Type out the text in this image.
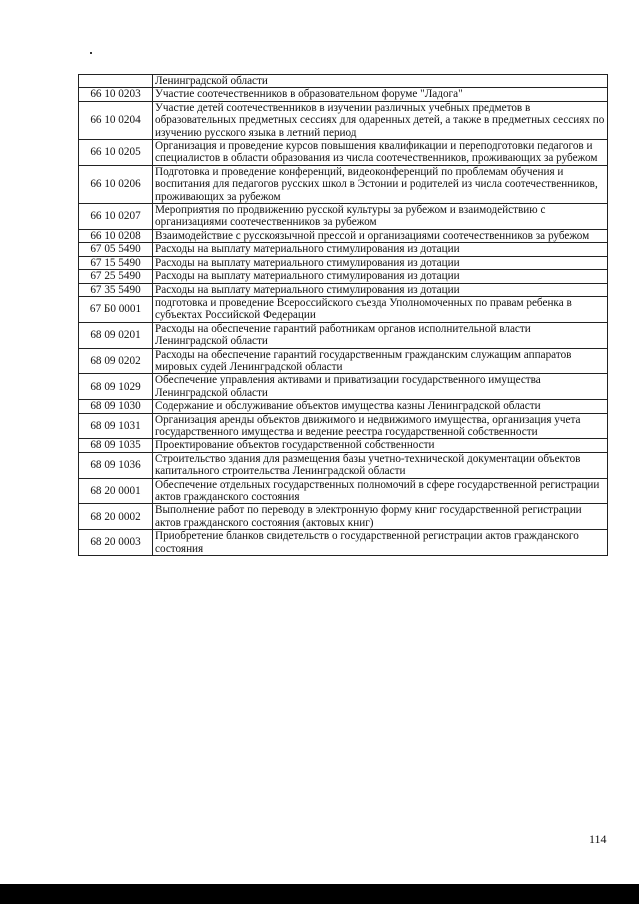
	Ленинградской области
66 10 0203	Участие соотечественников в образовательном форуме "Ладога"
66 10 0204	Участие детей соотечественников в изучении различных учебных предметов в образовательных предметных сессиях для одаренных детей, а также в предметных сессиях по изучению русского языка в летний период
66 10 0205	Организация и проведение курсов повышения квалификации и переподготовки педагогов и специалистов в области образования из числа соотечественников, проживающих за рубежом
66 10 0206	Подготовка и проведение конференций, видеоконференций по проблемам обучения и воспитания для педагогов русских школ в Эстонии и родителей из числа соотечественников, проживающих за рубежом
66 10 0207	Мероприятия по продвижению русской культуры за рубежом и взаимодействию с организациями соотечественников за рубежом
66 10 0208	Взаимодействие с русскоязычной прессой и организациями соотечественников за рубежом
67 05 5490	Расходы на выплату материального стимулирования из дотации
67 15 5490	Расходы на выплату материального стимулирования из дотации
67 25 5490	Расходы на выплату материального стимулирования из дотации
67 35 5490	Расходы на выплату материального стимулирования из дотации
67 Б0 0001	подготовка и проведение Всероссийского съезда Уполномоченных по правам ребенка в субъектах Российской Федерации
68 09 0201	Расходы на обеспечение гарантий работникам органов исполнительной власти Ленинградской области
68 09 0202	Расходы на обеспечение гарантий государственным гражданским служащим аппаратов мировых судей Ленинградской области
68 09 1029	Обеспечение управления активами и приватизации государственного имущества Ленинградской области
68 09 1030	Содержание и обслуживание объектов имущества казны Ленинградской области
68 09 1031	Организация аренды объектов движимого и недвижимого имущества, организация учета государственного имущества и ведение реестра государственной собственности
68 09 1035	Проектирование объектов государственной собственности
68 09 1036	Строительство здания для размещения базы учетно-технической документации объектов капитального строительства Ленинградской области
68 20 0001	Обеспечение отдельных государственных полномочий в сфере государственной регистрации актов гражданского состояния
68 20 0002	Выполнение работ по переводу в электронную форму книг государственной регистрации актов гражданского состояния (актовых книг)
68 20 0003	Приобретение бланков свидетельств о государственной регистрации актов гражданского состояния
114
